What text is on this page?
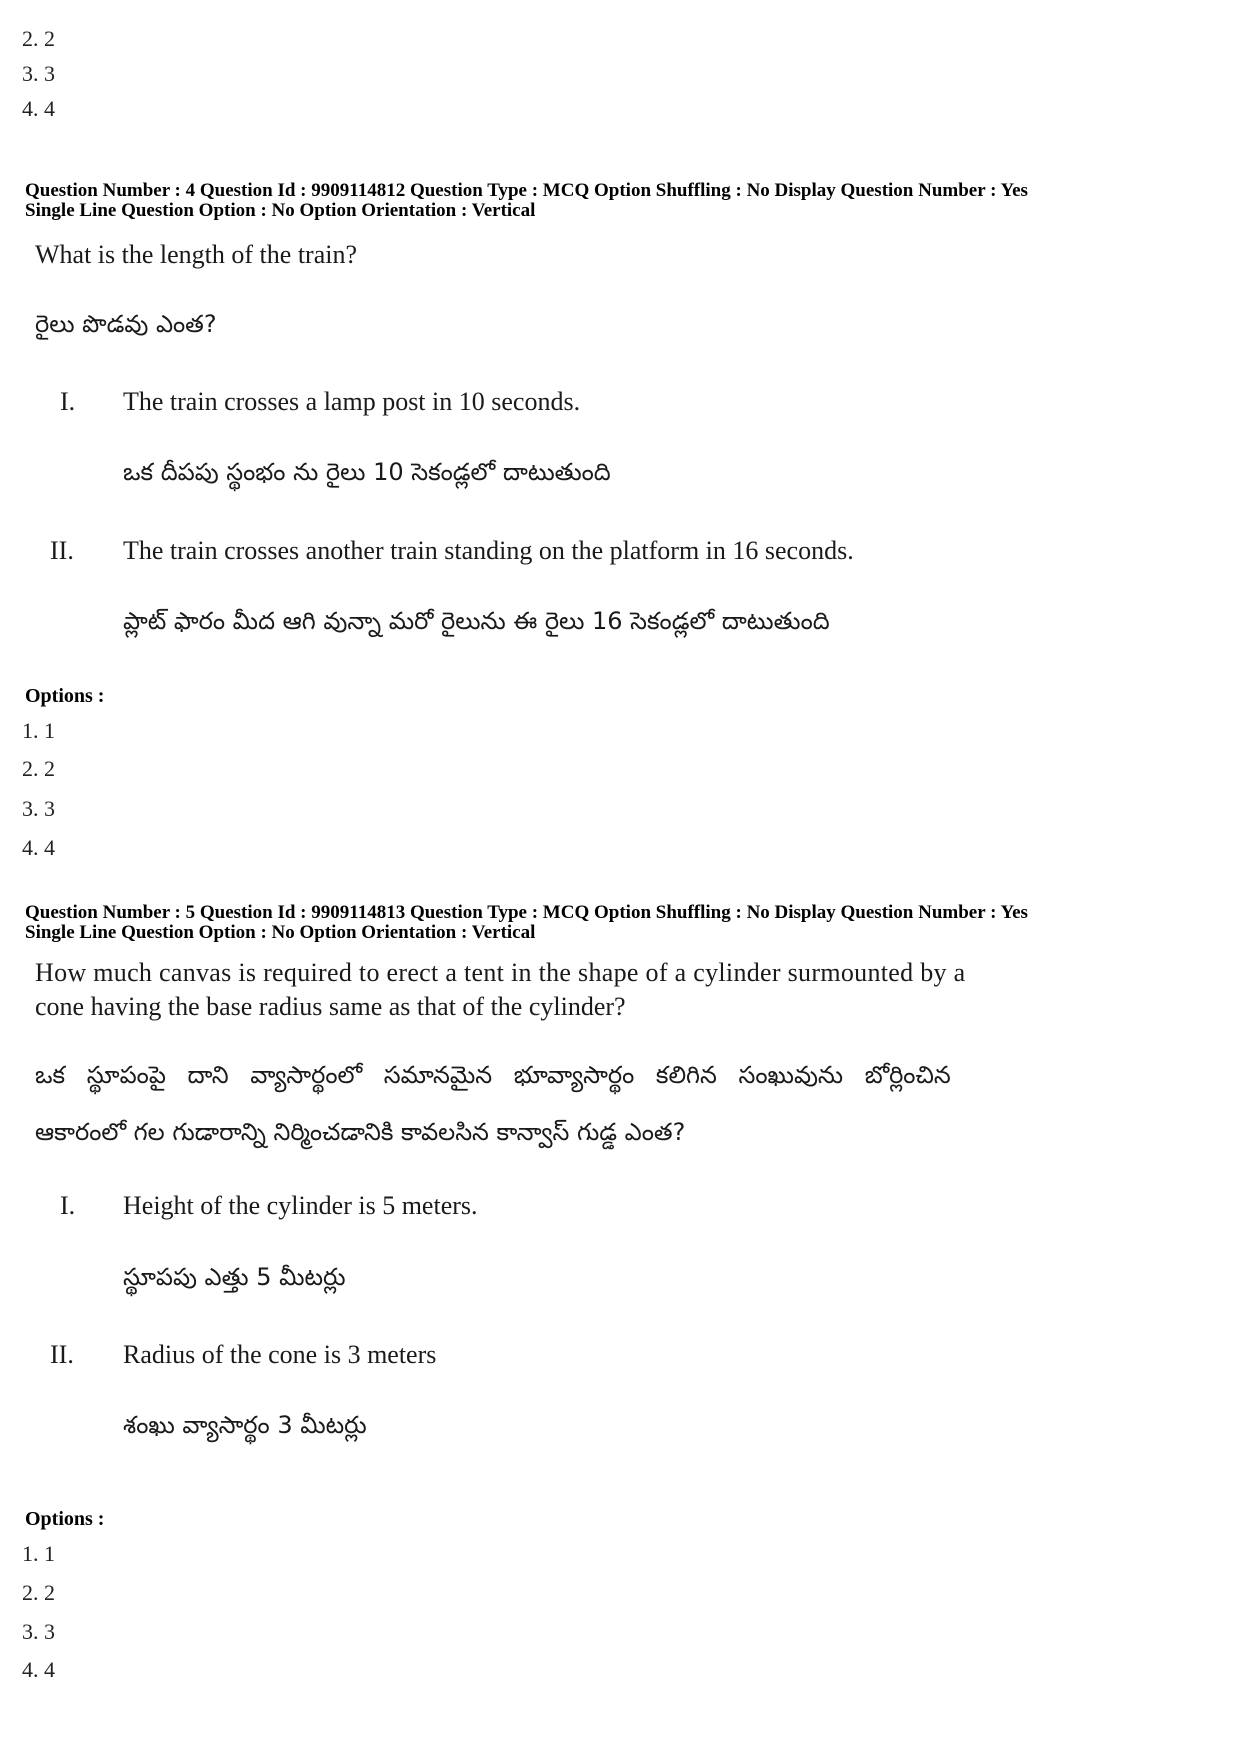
2. 2
3. 3
4. 4
Question Number : 4 Question Id : 9909114812 Question Type : MCQ Option Shuffling : No Display Question Number : Yes
Single Line Question Option : No Option Orientation : Vertical
What is the length of the train?
రైలు పొడవు ఎంత?
I. The train crosses a lamp post in 10 seconds.
ఒక దీపపు స్థంభం ను రైలు 10 సెకండ్లలో దాటుతుంది
II. The train crosses another train standing on the platform in 16 seconds.
ప్లాట్ ఫారం మీద ఆగి వున్నా మరో రైలును ఈ రైలు 16 సెకండ్లలో దాటుతుంది
Options :
1. 1
2. 2
3. 3
4. 4
Question Number : 5 Question Id : 9909114813 Question Type : MCQ Option Shuffling : No Display Question Number : Yes
Single Line Question Option : No Option Orientation : Vertical
How much canvas is required to erect a tent in the shape of a cylinder surmounted by a
cone having the base radius same as that of the cylinder?
ఒక స్థూపంపై దాని వ్యాసార్థంలో సమానమైన భూవ్యాసార్థం కలిగిన సంఖువును బోర్లించిన
ఆకారంలో గల గుడారాన్ని నిర్మించడానికి కావలసిన కాన్వాస్ గుడ్డ ఎంత?
I. Height of the cylinder is 5 meters.
స్థూపపు ఎత్తు 5 మీటర్లు
II. Radius of the cone is 3 meters
శంఖు వ్యాసార్థం 3 మీటర్లు
Options :
1. 1
2. 2
3. 3
4. 4
